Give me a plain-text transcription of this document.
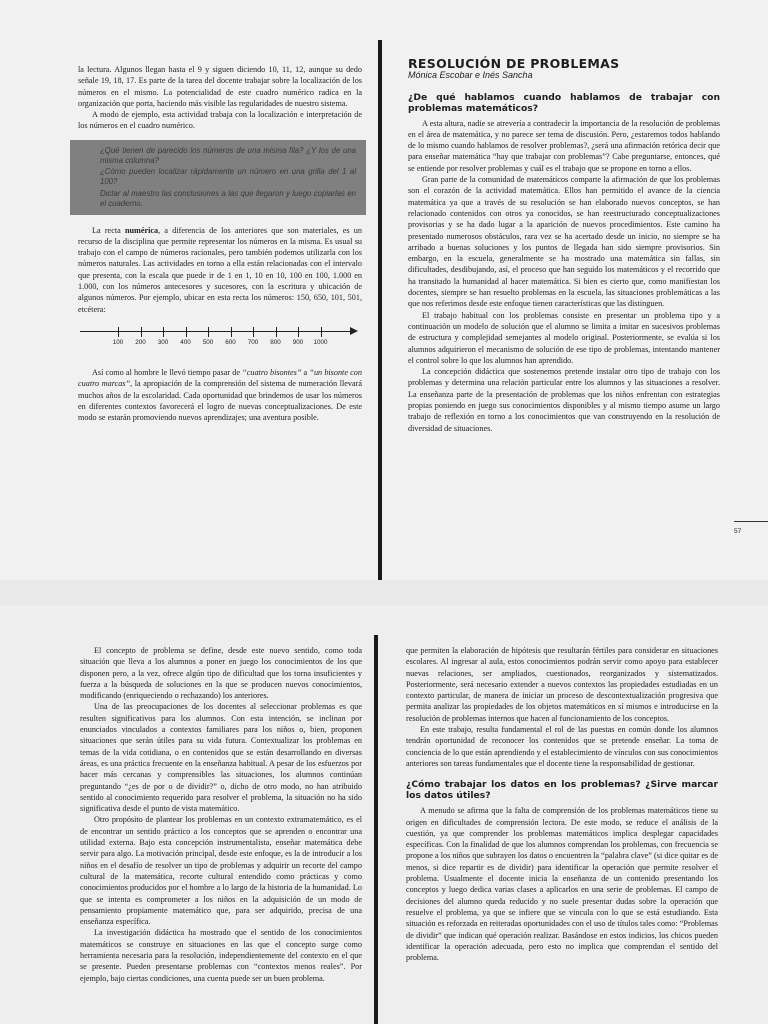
la lectura. Algunos llegan hasta el 9 y siguen diciendo 10, 11, 12, aunque su dedo señale 19, 18, 17. Es parte de la tarea del docente trabajar sobre la localización de los números en el mismo. La potencialidad de este cuadro numérico radica en la organización que porta, haciendo más visible las regularidades de nuestro sistema.

A modo de ejemplo, esta actividad trabaja con la localización e interpretación de los números en el cuadro numérico.

¿Qué tienen de parecido los números de una misma fila? ¿Y los de una misma columna?
¿Cómo pueden localizar rápidamente un número en una grilla del 1 al 100?
Dictar al maestro las conclusiones a las que llegaron y luego copiarlas en el cuaderno.

La recta numérica, a diferencia de los anteriores que son materiales, es un recurso de la disciplina que permite representar los números en la misma. Es usual su trabajo con el campo de números racionales, pero también podemos utilizarla con los números naturales. Las actividades en torno a ella están relacionadas con el intervalo que presenta, con la escala que puede ir de 1 en 1, 10 en 10, 100 en 100, 1.000 en 1.000, con los números antecesores y sucesores, con la escritura y ubicación de algunos números. Por ejemplo, ubicar en esta recta los números: 150, 650, 101, 501, etcétera:

100 200 300 400 500 600 700 800 900 1000

Así como al hombre le llevó tiempo pasar de “cuatro bisontes” a “un bisonte con cuatro marcas”, la apropiación de la comprensión del sistema de numeración llevará muchos años de la escolaridad. Cada oportunidad que brindemos de usar los números en diferentes contextos favorecerá el logro de nuevas conceptualizaciones. De este modo se estarán promoviendo nuevos aprendizajes; una aventura posible.

RESOLUCIÓN DE PROBLEMAS
Mónica Escobar e Inés Sancha
¿De qué hablamos cuando hablamos de trabajar con problemas matemáticos?

A esta altura, nadie se atrevería a contradecir la importancia de la resolución de problemas en el área de matemática, y no parece ser tema de discusión. Pero, ¿estaremos todos hablando de lo mismo cuando hablamos de resolver problemas?, ¿será una afirmación retórica decir que para enseñar matemática “hay que trabajar con problemas”? Cabe preguntarse, entonces, qué se entiende por resolver problemas y cuál es el trabajo que se propone en torno a ellos.

Gran parte de la comunidad de matemáticos comparte la afirmación de que los problemas son el corazón de la actividad matemática. Ellos han permitido el avance de la ciencia matemática ya que a través de su resolución se han elaborado nuevos conceptos, se han relacionado contenidos con otros ya conocidos, se han reestructurado conceptualizaciones provisorias y se ha dado lugar a la aparición de nuevos procedimientos. Este camino ha presentado numerosos obstáculos, rara vez se ha acertado desde un inicio, no siempre se ha arribado a buenas soluciones y los puntos de llegada han sido siempre provisorios. Sin embargo, en la escuela, generalmente se ha mostrado una matemática sin fallas, sin dificultades, desdibujando, así, el proceso que han seguido los matemáticos y el recorrido que ha transitado la humanidad al hacer matemática. Si bien es cierto que, como manifiestan los docentes, siempre se han resuelto problemas en la escuela, las situaciones problemáticas a las que nos referimos desde este enfoque tienen características que las distinguen.

El trabajo habitual con los problemas consiste en presentar un problema tipo y a continuación un modelo de solución que el alumno se limita a imitar en sucesivos problemas de estructura y complejidad semejantes al modelo original. Posteriormente, se evalúa si los alumnos adquirieron el mecanismo de solución de ese tipo de problemas, intentando mantener el control sobre lo que los alumnos han aprendido.

La concepción didáctica que sostenemos pretende instalar otro tipo de trabajo con los problemas y determina una relación particular entre los alumnos y las situaciones a resolver. La enseñanza parte de la presentación de problemas que los niños enfrentan con estrategias propias poniendo en juego sus conocimientos disponibles y al mismo tiempo asume un largo trabajo de reflexión en torno a los conocimientos que van construyendo en la resolución de diversidad de situaciones.

57

El concepto de problema se define, desde este nuevo sentido, como toda situación que lleva a los alumnos a poner en juego los conocimientos de los que disponen pero, a la vez, ofrece algún tipo de dificultad que los torna insuficientes y fuerza a la búsqueda de soluciones en la que se producen nuevos conocimientos, modificando (enriqueciendo o rechazando) los anteriores.

Una de las preocupaciones de los docentes al seleccionar problemas es que resulten significativos para los alumnos. Con esta intención, se inclinan por enunciados vinculados a contextos familiares para los niños o, bien, proponen situaciones que serán útiles para su vida futura. Contextualizar los problemas en temas de la vida cotidiana, o en contenidos que se están desarrollando en diversas áreas, es una práctica frecuente en la enseñanza habitual. A pesar de los esfuerzos por hacer más cercanas y comprensibles las situaciones, los alumnos continúan preguntando “¿es de por o de dividir?” o, dicho de otro modo, no han atribuido sentido al conocimiento requerido para resolver el problema, la situación no ha sido significativa desde el punto de vista matemático.

Otro propósito de plantear los problemas en un contexto extramatemático, es el de encontrar un sentido práctico a los conceptos que se aprenden o encontrar una utilidad externa. Bajo esta concepción instrumentalista, enseñar matemática debe servir para algo. La motivación principal, desde este enfoque, es la de introducir a los niños en el desafío de resolver un tipo de problemas y adquirir un recorte del campo cultural de la matemática, recorte cultural entendido como prácticas y como conocimientos producidos por el hombre a lo largo de la historia de la humanidad. Lo que se intenta es comprometer a los niños en la adquisición de un modo de pensamiento propiamente matemático que, para ser adquirido, precisa de una enseñanza específica.

La investigación didáctica ha mostrado que el sentido de los conocimientos matemáticos se construye en situaciones en las que el concepto surge como herramienta necesaria para la resolución, independientemente del contexto en el que se presente. Pueden presentarse problemas con “contextos menos reales”. Por ejemplo, bajo ciertas condiciones, una cuenta puede ser un buen problema.

que permiten la elaboración de hipótesis que resultarán fértiles para considerar en situaciones escolares. Al ingresar al aula, estos conocimientos podrán servir como apoyo para establecer nuevas relaciones, ser ampliados, cuestionados, reorganizados y sistematizados. Posteriormente, será necesario extender a nuevos contextos las propiedades estudiadas en un contexto particular, de manera de iniciar un proceso de descontextualización progresiva que permita analizar las propiedades de los objetos matemáticos en sí mismos e introducirse en la resolución de problemas internos que hacen al funcionamiento de los conceptos.

En este trabajo, resulta fundamental el rol de las puestas en común donde los alumnos tendrán oportunidad de reconocer los contenidos que se pretende enseñar. La toma de conciencia de lo que están aprendiendo y el establecimiento de vínculos con sus conocimientos anteriores son tareas fundamentales que el docente tiene la responsabilidad de gestionar.

¿Cómo trabajar los datos en los problemas? ¿Sirve marcar los datos útiles?

A menudo se afirma que la falta de comprensión de los problemas matemáticos tiene su origen en dificultades de comprensión lectora. De este modo, se reduce el análisis de la cuestión, ya que comprender los problemas matemáticos implica desplegar capacidades específicas. Con la finalidad de que los alumnos comprendan los problemas, con frecuencia se propone a los niños que subrayen los datos o encuentren la “palabra clave” (si dice quitar es de menos, si dice repartir es de dividir) para identificar la operación que permite resolver el problema. Usualmente el docente inicia la enseñanza de un contenido presentando los conceptos y luego dedica varias clases a aplicarlos en una serie de problemas. El campo de decisiones del alumno queda reducido y no suele presentar dudas sobre la operación que resuelve el problema, ya que se infiere que se vincula con lo que se está estudiando. Esta situación es reforzada en reiteradas oportunidades con el uso de títulos tales como: “Problemas de dividir” que indican qué operación realizar. Basándose en estos indicios, los chicos pueden identificar la operación adecuada, pero esto no implica que comprendan el sentido del problema.
